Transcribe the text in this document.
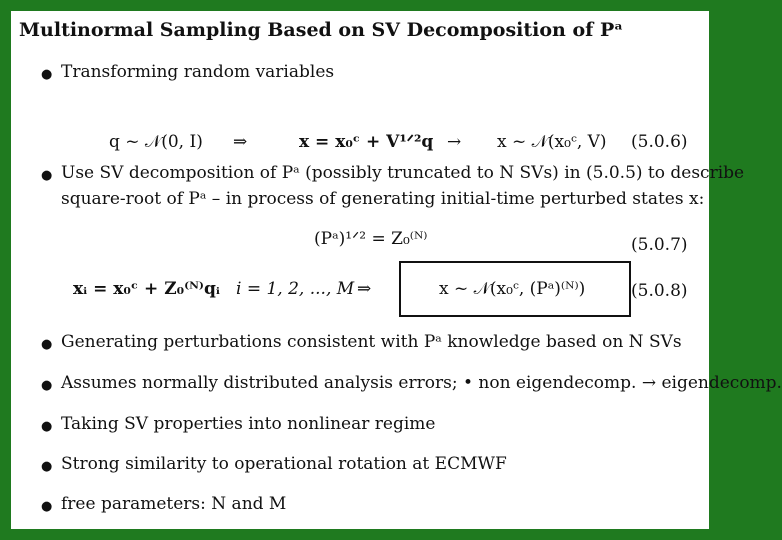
Multinormal Sampling Based on SV Decomposition of Pᵃ
● Transforming random variables
q ~ 𝒩(0, I) ⇒	x = x₀ᶜ + V¹ᐟ²q → x ~ 𝒩(x₀ᶜ, V) (5.0.6)
● Use SV decomposition of Pᵃ (possibly truncated to N SVs) in (5.0.5) to describe
square-root of Pᵃ – in process of generating initial-time perturbed states x:
(Pᵃ)¹ᐟ² = Z₀⁽ᴺ⁾	(5.0.7)
xᵢ = x₀ᶜ + Z₀⁽ᴺ⁾qᵢ i = 1, 2, ..., M ⇒	x ~ 𝒩(x₀ᶜ, (Pᵃ)⁽ᴺ⁾)	(5.0.8)
● Generating perturbations consistent with Pᵃ knowledge based on N SVs
● Assumes normally distributed analysis errors; • non eigendecomp. → eigendecomp.
● Taking SV properties into nonlinear regime
● Strong similarity to operational rotation at ECMWF
● free parameters: N and M
